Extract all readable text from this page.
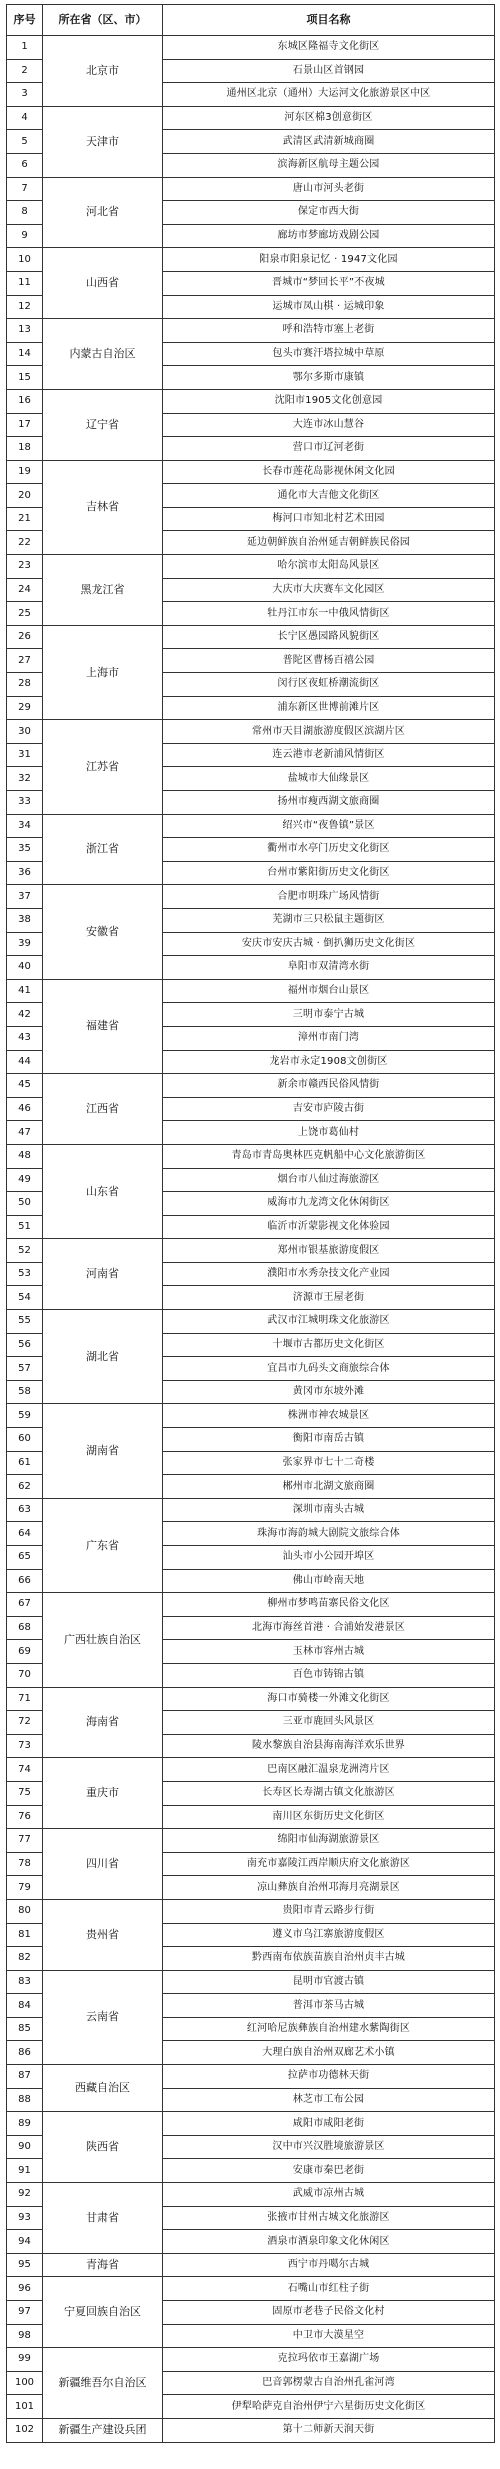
序号	所在省（区、市）	项目名称
1	北京市	东城区隆福寺文化街区
2		石景山区首钢园
3		通州区北京（通州）大运河文化旅游景区中区
4	天津市	河东区棉3创意街区
5		武清区武清新城商圈
6		滨海新区航母主题公园
7	河北省	唐山市河头老街
8		保定市西大街
9		廊坊市梦廊坊戏剧公园
10	山西省	阳泉市阳泉记忆 · 1947文化园
11		晋城市“梦回长平”不夜城
12		运城市凤山棋 · 运城印象
13	内蒙古自治区	呼和浩特市塞上老街
14		包头市赛汗塔拉城中草原
15		鄂尔多斯市康镇
16	辽宁省	沈阳市1905文化创意园
17		大连市冰山慧谷
18		营口市辽河老街
19	吉林省	长春市莲花岛影视休闲文化园
20		通化市大吉他文化街区
21		梅河口市知北村艺术田园
22		延边朝鲜族自治州延吉朝鲜族民俗园
23	黑龙江省	哈尔滨市太阳岛风景区
24		大庆市大庆赛车文化园区
25		牡丹江市东一中俄风情街区
26	上海市	长宁区愚园路风貌街区
27		普陀区曹杨百禧公园
28		闵行区夜虹桥潮流街区
29		浦东新区世博前滩片区
30	江苏省	常州市天目湖旅游度假区滨湖片区
31		连云港市老新浦风情街区
32		盐城市大仙缘景区
33		扬州市瘦西湖文旅商圈
34	浙江省	绍兴市“夜鲁镇”景区
35		衢州市水亭门历史文化街区
36		台州市紫阳街历史文化街区
37	安徽省	合肥市明珠广场风情街
38		芜湖市三只松鼠主题街区
39		安庆市安庆古城 · 倒扒狮历史文化街区
40		阜阳市双清湾水街
41	福建省	福州市烟台山景区
42		三明市泰宁古城
43		漳州市南门湾
44		龙岩市永定1908文创街区
45	江西省	新余市赣西民俗风情街
46		吉安市庐陵古街
47		上饶市葛仙村
48	山东省	青岛市青岛奥林匹克帆船中心文化旅游街区
49		烟台市八仙过海旅游区
50		威海市九龙湾文化休闲街区
51		临沂市沂蒙影视文化体验园
52	河南省	郑州市银基旅游度假区
53		濮阳市水秀杂技文化产业园
54		济源市王屋老街
55	湖北省	武汉市江城明珠文化旅游区
56		十堰市古都历史文化街区
57		宜昌市九码头文商旅综合体
58		黄冈市东坡外滩
59	湖南省	株洲市神农城景区
60		衡阳市南岳古镇
61		张家界市七十二奇楼
62		郴州市北湖文旅商圈
63	广东省	深圳市南头古城
64		珠海市海韵城大剧院文旅综合体
65		汕头市小公园开埠区
66		佛山市岭南天地
67	广西壮族自治区	柳州市梦鸣苗寨民俗文化区
68		北海市海丝首港 · 合浦始发港景区
69		玉林市容州古城
70		百色市铸锦古镇
71	海南省	海口市骑楼一外滩文化街区
72		三亚市鹿回头风景区
73		陵水黎族自治县海南海洋欢乐世界
74	重庆市	巴南区融汇温泉龙洲湾片区
75		长寿区长寿湖古镇文化旅游区
76		南川区东街历史文化街区
77	四川省	绵阳市仙海湖旅游景区
78		南充市嘉陵江西岸顺庆府文化旅游区
79		凉山彝族自治州邛海月亮湖景区
80	贵州省	贵阳市青云路步行街
81		遵义市乌江寨旅游度假区
82		黔西南布依族苗族自治州贞丰古城
83	云南省	昆明市官渡古镇
84		普洱市茶马古城
85		红河哈尼族彝族自治州建水紫陶街区
86		大理白族自治州双廊艺术小镇
87	西藏自治区	拉萨市功德林天街
88		林芝市工布公园
89	陕西省	咸阳市咸阳老街
90		汉中市兴汉胜境旅游景区
91		安康市秦巴老街
92	甘肃省	武威市凉州古城
93		张掖市甘州古城文化旅游区
94		酒泉市酒泉印象文化休闲区
95	青海省	西宁市丹噶尔古城
96	宁夏回族自治区	石嘴山市红柱子街
97		固原市老巷子民俗文化村
98		中卫市大漠星空
99	新疆维吾尔自治区	克拉玛依市王嘉湖广场
100		巴音郭楞蒙古自治州孔雀河湾
101		伊犁哈萨克自治州伊宁六星街历史文化街区
102	新疆生产建设兵团	第十二师新天润天街
